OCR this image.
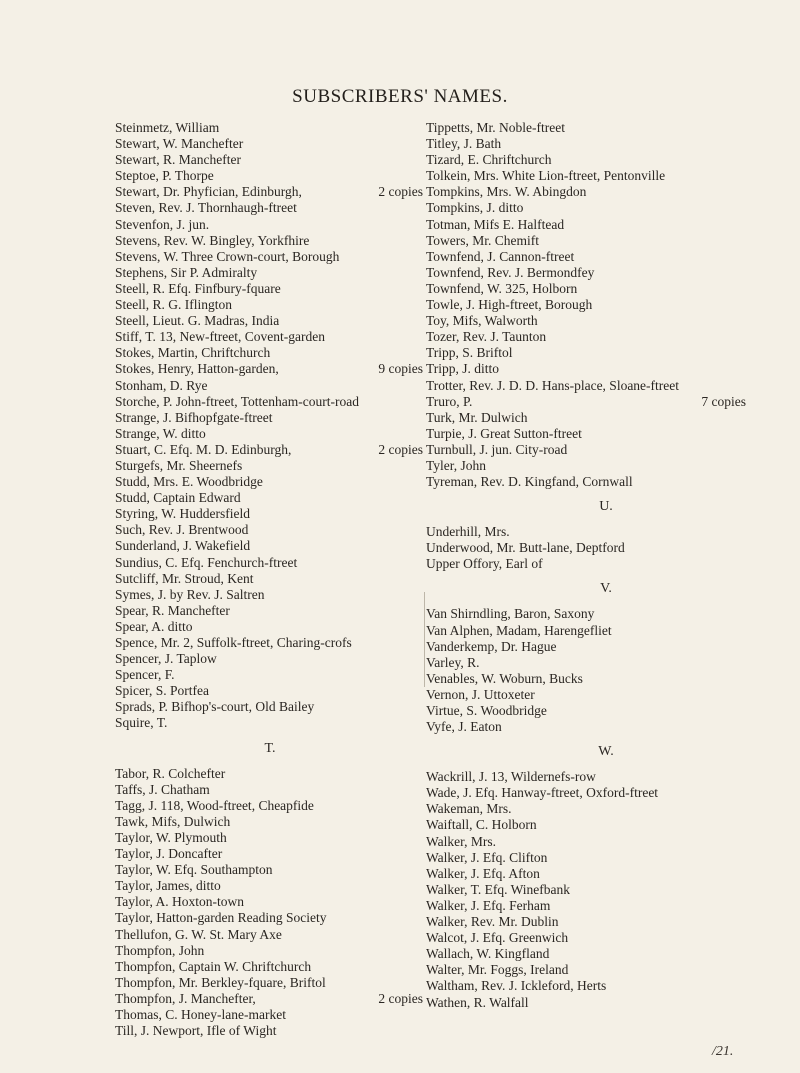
SUBSCRIBERS' NAMES.
Steinmetz, William
Stewart, W. Manchefter
Stewart, R. Manchefter
Steptoe, P. Thorpe
Stewart, Dr. Phyfician, Edinburgh,	2 copies
Steven, Rev. J. Thornhaugh-ftreet
Stevenfon, J. jun.
Stevens, Rev. W. Bingley, Yorkfhire
Stevens, W. Three Crown-court, Borough
Stephens, Sir P. Admiralty
Steell, R. Efq. Finfbury-fquare
Steell, R. G. Iflington
Steell, Lieut. G. Madras, India
Stiff, T. 13, New-ftreet, Covent-garden
Stokes, Martin, Chriftchurch
Stokes, Henry, Hatton-garden,	9 copies
Stonham, D. Rye
Storche, P. John-ftreet, Tottenham-court-road
Strange, J. Bifhopfgate-ftreet
Strange, W. ditto
Stuart, C. Efq. M. D. Edinburgh,	2 copies
Sturgefs, Mr. Sheernefs
Studd, Mrs. E. Woodbridge
Studd, Captain Edward
Styring, W. Huddersfield
Such, Rev. J. Brentwood
Sunderland, J. Wakefield
Sundius, C. Efq. Fenchurch-ftreet
Sutcliff, Mr. Stroud, Kent
Symes, J. by Rev. J. Saltren
Spear, R. Manchefter
Spear, A. ditto
Spence, Mr. 2, Suffolk-ftreet, Charing-crofs
Spencer, J. Taplow
Spencer, F.
Spicer, S. Portfea
Sprads, P. Bifhop's-court, Old Bailey
Squire, T.
T.
Tabor, R. Colchefter
Taffs, J. Chatham
Tagg, J. 118, Wood-ftreet, Cheapfide
Tawk, Mifs, Dulwich
Taylor, W. Plymouth
Taylor, J. Doncafter
Taylor, W. Efq. Southampton
Taylor, James, ditto
Taylor, A. Hoxton-town
Taylor, Hatton-garden Reading Society
Thellufon, G. W. St. Mary Axe
Thompfon, John
Thompfon, Captain W. Chriftchurch
Thompfon, Mr. Berkley-fquare, Briftol
Thompfon, J. Manchefter,	2 copies
Thomas, C. Honey-lane-market
Till, J. Newport, Ifle of Wight
Tippetts, Mr. Noble-ftreet
Titley, J. Bath
Tizard, E. Chriftchurch
Tolkein, Mrs. White Lion-ftreet, Pentonville
Tompkins, Mrs. W. Abingdon
Tompkins, J. ditto
Totman, Mifs E. Halftead
Towers, Mr. Chemift
Townfend, J. Cannon-ftreet
Townfend, Rev. J. Bermondfey
Townfend, W. 325, Holborn
Towle, J. High-ftreet, Borough
Toy, Mifs, Walworth
Tozer, Rev. J. Taunton
Tripp, S. Briftol
Tripp, J. ditto
Trotter, Rev. J. D. D. Hans-place, Sloane-ftreet
Truro, P.	7 copies
Turk, Mr. Dulwich
Turpie, J. Great Sutton-ftreet
Turnbull, J. jun. City-road
Tyler, John
Tyreman, Rev. D. Kingfand, Cornwall
U.
Underhill, Mrs.
Underwood, Mr. Butt-lane, Deptford
Upper Offory, Earl of
V.
Van Shirndling, Baron, Saxony
Van Alphen, Madam, Harengefliet
Vanderkemp, Dr. Hague
Varley, R.
Venables, W. Woburn, Bucks
Vernon, J. Uttoxeter
Virtue, S. Woodbridge
Vyfe, J. Eaton
W.
Wackrill, J. 13, Wildernefs-row
Wade, J. Efq. Hanway-ftreet, Oxford-ftreet
Wakeman, Mrs.
Waiftall, C. Holborn
Walker, Mrs.
Walker, J. Efq. Clifton
Walker, J. Efq. Afton
Walker, T. Efq. Winefbank
Walker, J. Efq. Ferham
Walker, Rev. Mr. Dublin
Walcot, J. Efq. Greenwich
Wallach, W. Kingfland
Walter, Mr. Foggs, Ireland
Waltham, Rev. J. Ickleford, Herts
Wathen, R. Walfall
/21.
